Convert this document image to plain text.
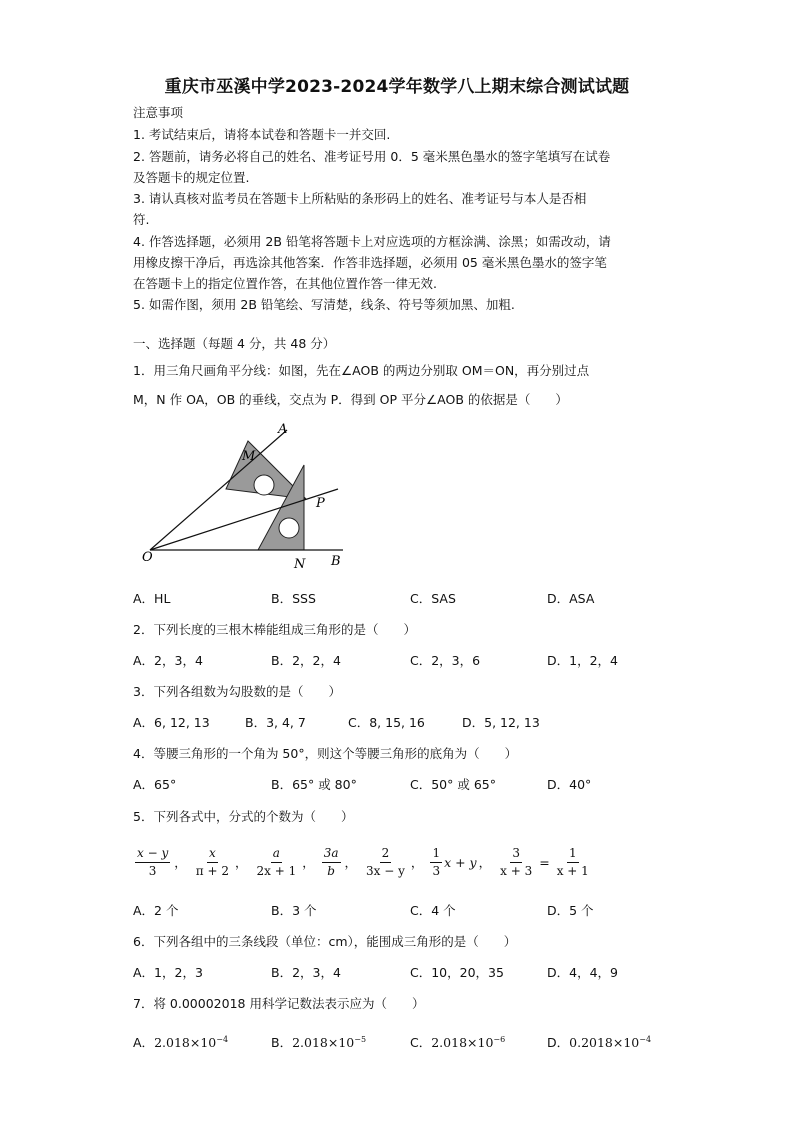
重庆市巫溪中学2023-2024学年数学八上期末综合测试试题
注意事项
1. 考试结束后，请将本试卷和答题卡一并交回.
2. 答题前，请务必将自己的姓名、准考证号用 0．5 毫米黑色墨水的签字笔填写在试卷
及答题卡的规定位置.
3. 请认真核对监考员在答题卡上所粘贴的条形码上的姓名、准考证号与本人是否相
符.
4. 作答选择题，必须用 2B 铅笔将答题卡上对应选项的方框涂满、涂黑；如需改动，请
用橡皮擦干净后，再选涂其他答案．作答非选择题，必须用 05 毫米黑色墨水的签字笔
在答题卡上的指定位置作答，在其他位置作答一律无效.
5. 如需作图，须用 2B 铅笔绘、写清楚，线条、符号等须加黑、加粗.
一、选择题（每题 4 分，共 48 分）
1．用三角尺画角平分线：如图，先在∠AOB 的两边分别取 OM＝ON，再分别过点
M，N 作 OA，OB 的垂线，交点为 P．得到 OP 平分∠AOB 的依据是（　　）
A
M
P
O	N B
A．HL	B．SSS	C．SAS	D．ASA
2．下列长度的三根木棒能组成三角形的是（　　）
A．2，3，4	B．2，2，4	C．2，3，6	D．1，2，4
3．下列各组数为勾股数的是（　　）
A．6, 12, 13	B．3, 4, 7	C．8, 15, 16	D．5, 12, 13
4．等腰三角形的一个角为 50°，则这个等腰三角形的底角为（　　）
A．65°	B．65° 或 80°	C．50° 或 65°	D．40°
5．下列各式中，分式的个数为（　　）
$\frac{x - y}{3}$ ， $\frac{x}{\pi + 2}$ ， $\frac{a}{2x + 1}$ ， $\frac{3a}{b}$ ， $\frac{2}{3x - y}$ ， $\frac{1}{3}$ x + y ， $\frac{3}{x + 3} = \frac{1}{x + 1}$
A．2 个	B．3 个	C．4 个	D．5 个
6．下列各组中的三条线段（单位：cm），能围成三角形的是（　　）
A．1，2，3	B．2，3，4	C．10，20，35	D．4，4，9
7．将 0.00002018 用科学记数法表示应为（　　）
A．$2.018\times 10^{-4}$	B．$2.018\times 10^{-5}$	C．$2.018\times 10^{-6}$	D．$0.2018\times 10^{-4}$
